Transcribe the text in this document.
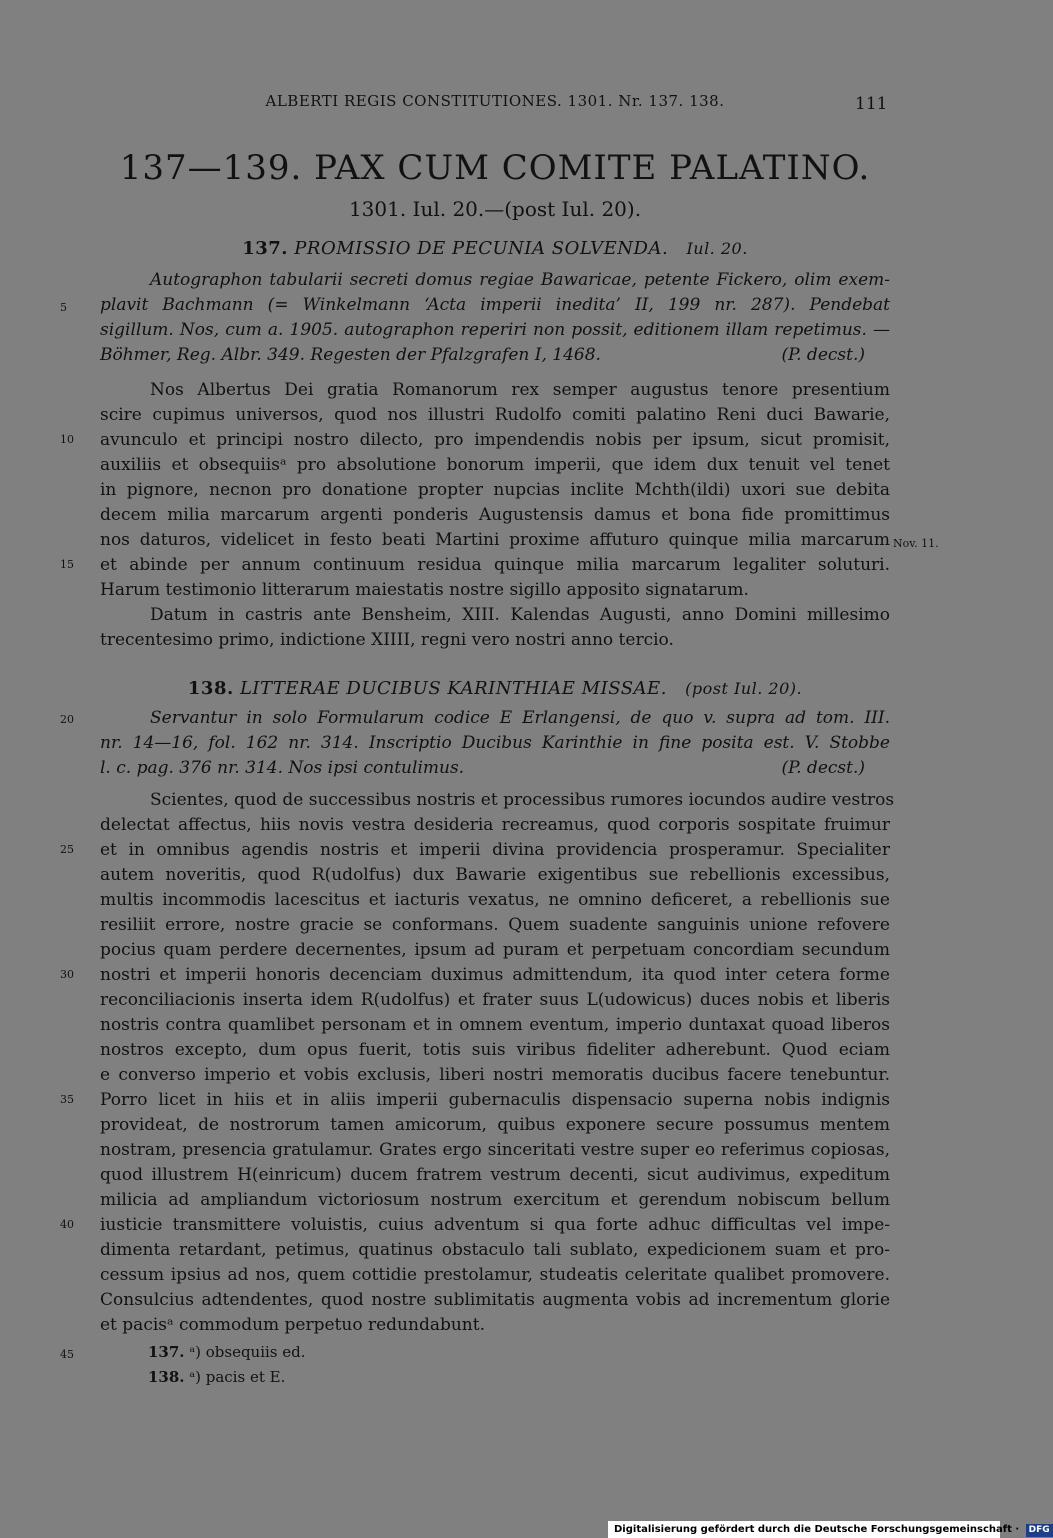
ALBERTI REGIS CONSTITUTIONES. 1301. Nr. 137. 138.	111
137—139. PAX CUM COMITE PALATINO.
1301. Iul. 20.—(post Iul. 20).
137. PROMISSIO DE PECUNIA SOLVENDA. Iul. 20.
Autographon tabularii secreti domus regiae Bawaricae, petente Fickero, olim exem-
plavit Bachmann (= Winkelmann ‘Acta imperii inedita’ II, 199 nr. 287). Pendebat
sigillum. Nos, cum a. 1905. autographon reperiri non possit, editionem illam repetimus. —
Böhmer, Reg. Albr. 349. Regesten der Pfalzgrafen I, 1468.	(P. decst.)
Nos Albertus Dei gratia Romanorum rex semper augustus tenore presentium
scire cupimus universos, quod nos illustri Rudolfo comiti palatino Reni duci Bawarie,
avunculo et principi nostro dilecto, pro impendendis nobis per ipsum, sicut promisit,
auxiliis et obsequiisᵃ pro absolutione bonorum imperii, que idem dux tenuit vel tenet
in pignore, necnon pro donatione propter nupcias inclite Mchth(ildi) uxori sue debita
decem milia marcarum argenti ponderis Augustensis damus et bona fide promittimus
nos daturos, videlicet in festo beati Martini proxime affuturo quinque milia marcarum
et abinde per annum continuum residua quinque milia marcarum legaliter soluturi.
Harum testimonio litterarum maiestatis nostre sigillo apposito signatarum.
Datum in castris ante Bensheim, XIII. Kalendas Augusti, anno Domini millesimo
trecentesimo primo, indictione XIIII, regni vero nostri anno tercio.
Nov. 11.
138. LITTERAE DUCIBUS KARINTHIAE MISSAE. (post Iul. 20).
Servantur in solo Formularum codice E Erlangensi, de quo v. supra ad tom. III.
nr. 14—16, fol. 162 nr. 314. Inscriptio Ducibus Karinthie in fine posita est. V. Stobbe
l. c. pag. 376 nr. 314. Nos ipsi contulimus.	(P. decst.)
Scientes, quod de successibus nostris et processibus rumores iocundos audire vestros
delectat affectus, hiis novis vestra desideria recreamus, quod corporis sospitate fruimur
et in omnibus agendis nostris et imperii divina providencia prosperamur. Specialiter
autem noveritis, quod R(udolfus) dux Bawarie exigentibus sue rebellionis excessibus,
multis incommodis lacescitus et iacturis vexatus, ne omnino deficeret, a rebellionis sue
resiliit errore, nostre gracie se conformans. Quem suadente sanguinis unione refovere
pocius quam perdere decernentes, ipsum ad puram et perpetuam concordiam secundum
nostri et imperii honoris decenciam duximus admittendum, ita quod inter cetera forme
reconciliacionis inserta idem R(udolfus) et frater suus L(udowicus) duces nobis et liberis
nostris contra quamlibet personam et in omnem eventum, imperio duntaxat quoad liberos
nostros excepto, dum opus fuerit, totis suis viribus fideliter adherebunt. Quod eciam
e converso imperio et vobis exclusis, liberi nostri memoratis ducibus facere tenebuntur.
Porro licet in hiis et in aliis imperii gubernaculis dispensacio superna nobis indignis
provideat, de nostrorum tamen amicorum, quibus exponere secure possumus mentem
nostram, presencia gratulamur. Grates ergo sinceritati vestre super eo referimus copiosas,
quod illustrem H(einricum) ducem fratrem vestrum decenti, sicut audivimus, expeditum
milicia ad ampliandum victoriosum nostrum exercitum et gerendum nobiscum bellum
iusticie transmittere voluistis, cuius adventum si qua forte adhuc difficultas vel impe-
dimenta retardant, petimus, quatinus obstaculo tali sublato, expedicionem suam et pro-
cessum ipsius ad nos, quem cottidie prestolamur, studeatis celeritate qualibet promovere.
Consulcius adtendentes, quod nostre sublimitatis augmenta vobis ad incrementum glorie
et pacisᵃ commodum perpetuo redundabunt.
5
10
15
20
25
30
35
40
45	137. ᵃ) obsequiis ed.
138. ᵃ) pacis et E.
Digitalisierung gefördert durch die Deutsche Forschungsgemeinschaft · DFG
